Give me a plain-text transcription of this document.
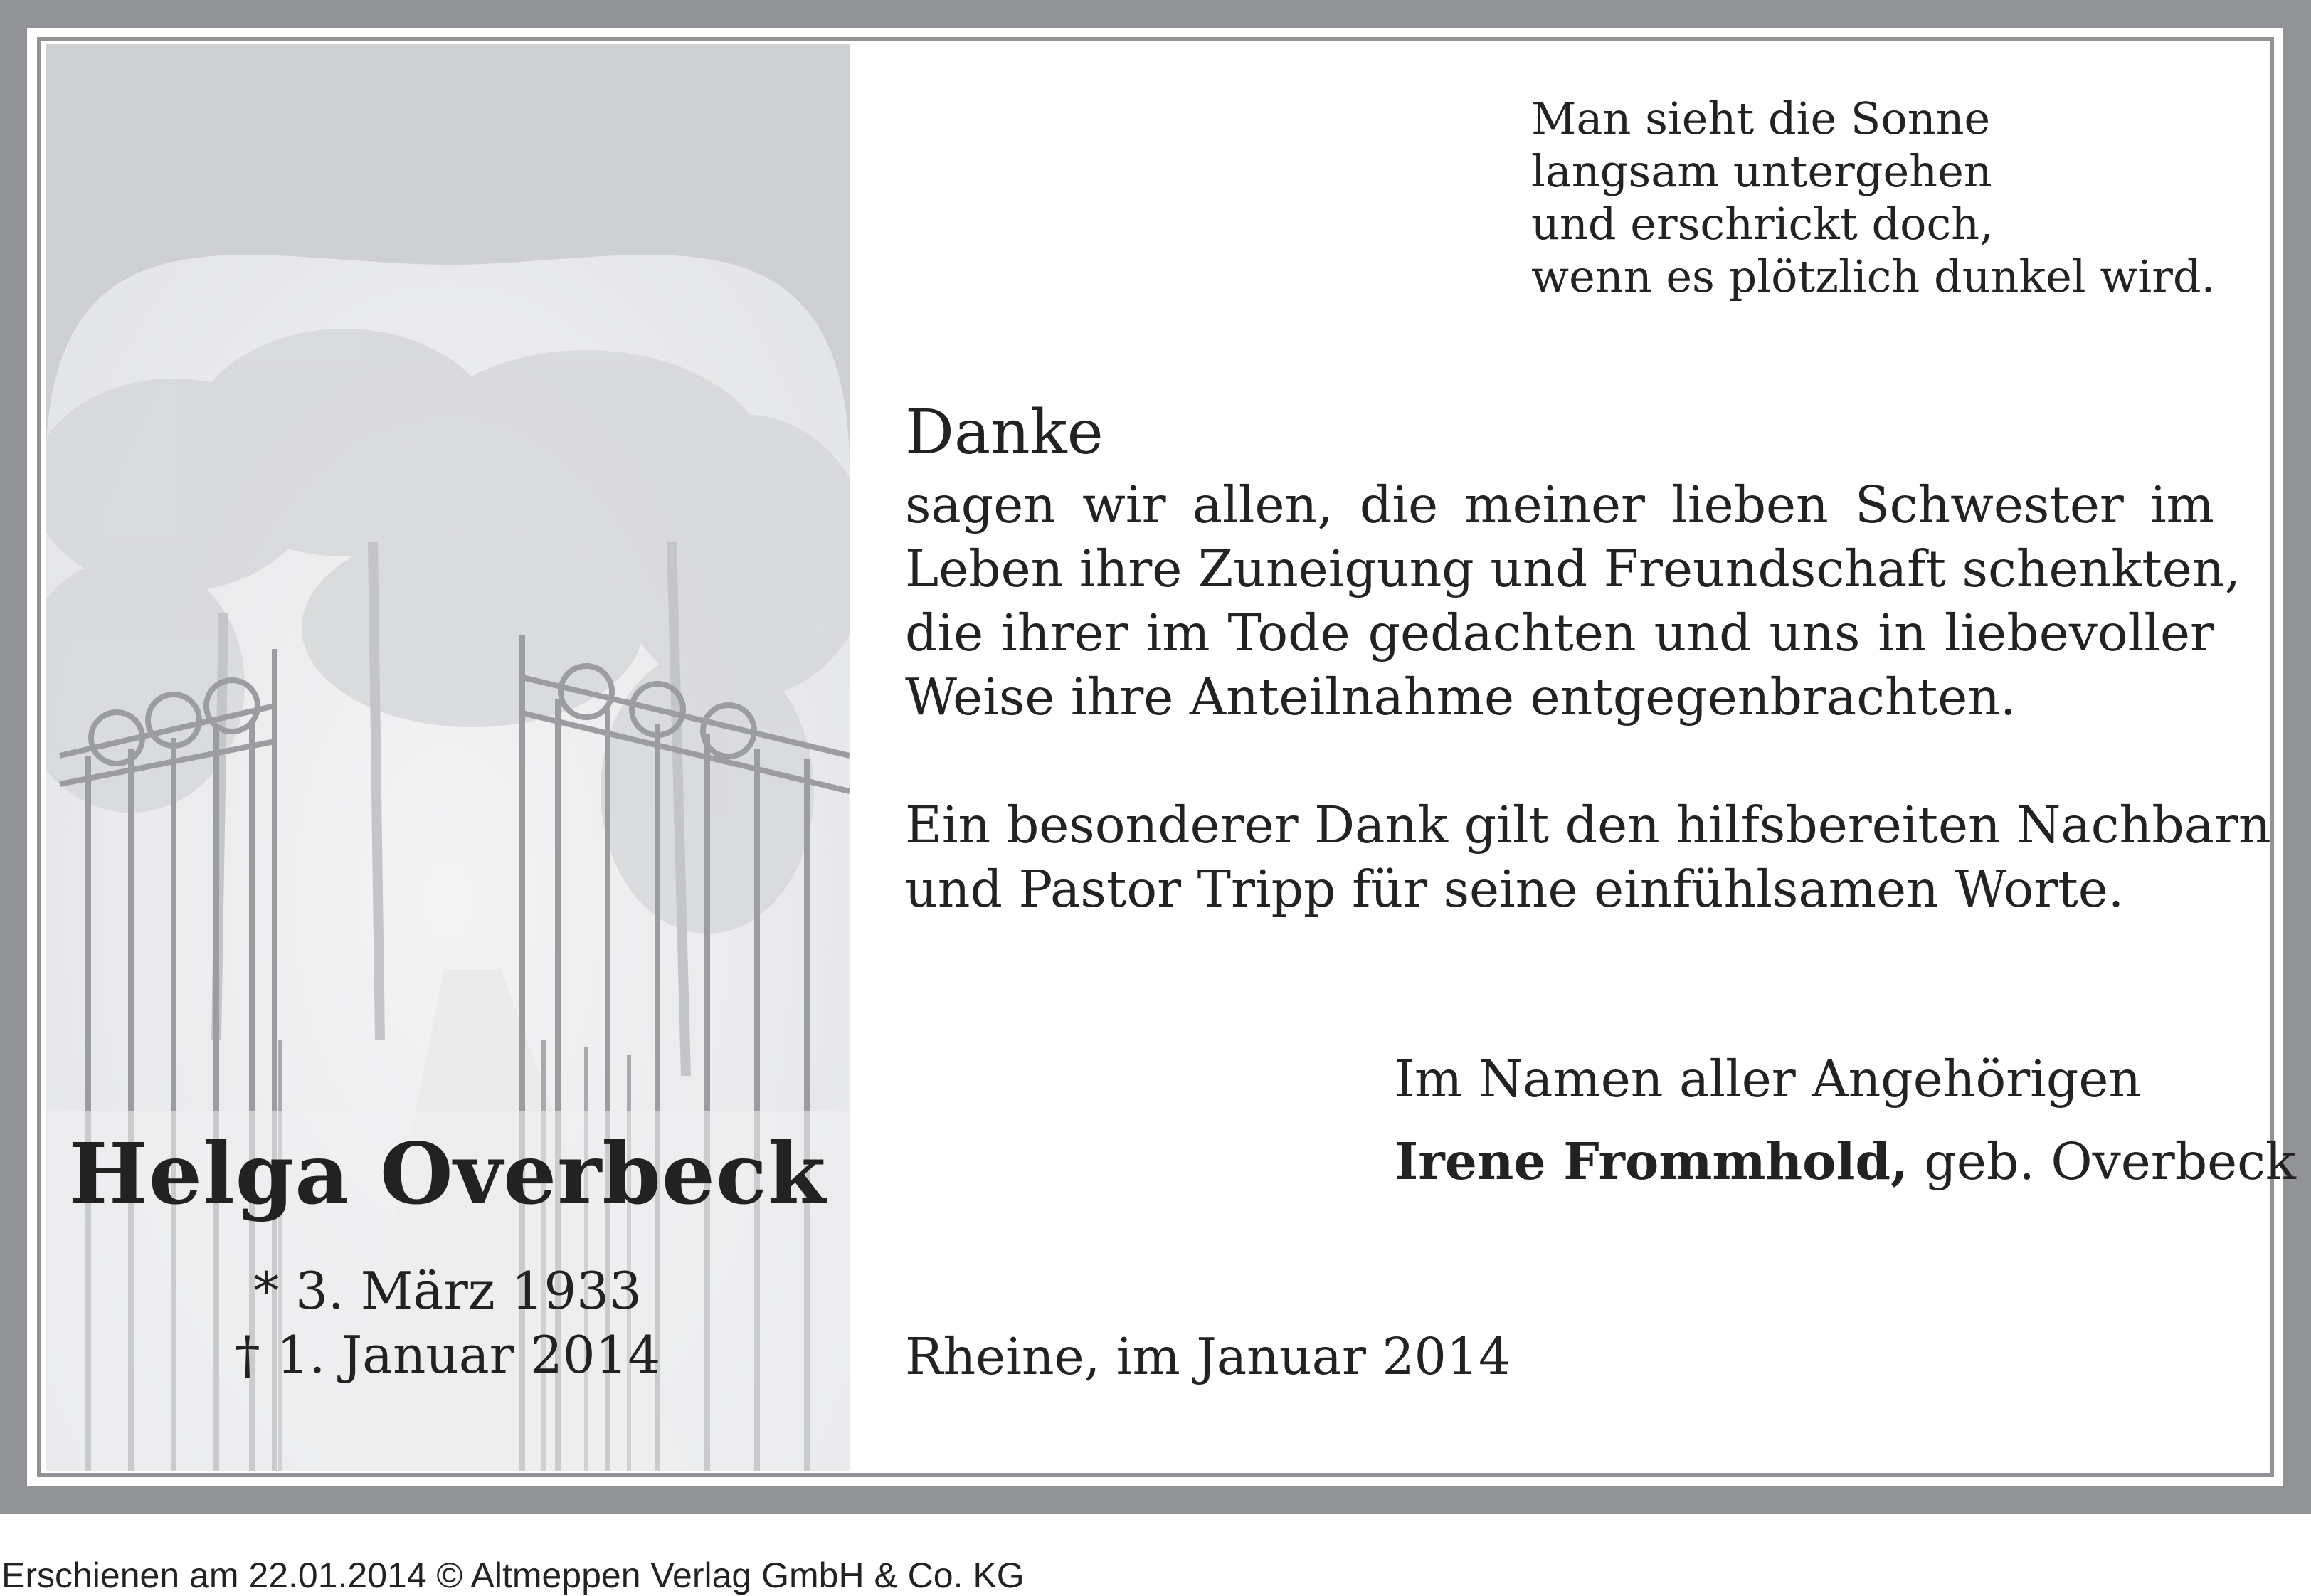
Helga Overbeck
* 3. März 1933
† 1. Januar 2014
Man sieht die Sonne
langsam untergehen
und erschrickt doch,
wenn es plötzlich dunkel wird.
Danke
sagen wir allen, die meiner lieben Schwester im
Leben ihre Zuneigung und Freundschaft schenkten,
die ihrer im Tode gedachten und uns in liebevoller
Weise ihre Anteilnahme entgegenbrachten.
Ein besonderer Dank gilt den hilfsbereiten Nachbarn
und Pastor Tripp für seine einfühlsamen Worte.
Im Namen aller Angehörigen
Irene Frommhold, geb. Overbeck
Rheine, im Januar 2014
Erschienen am 22.01.2014 © Altmeppen Verlag GmbH & Co. KG
